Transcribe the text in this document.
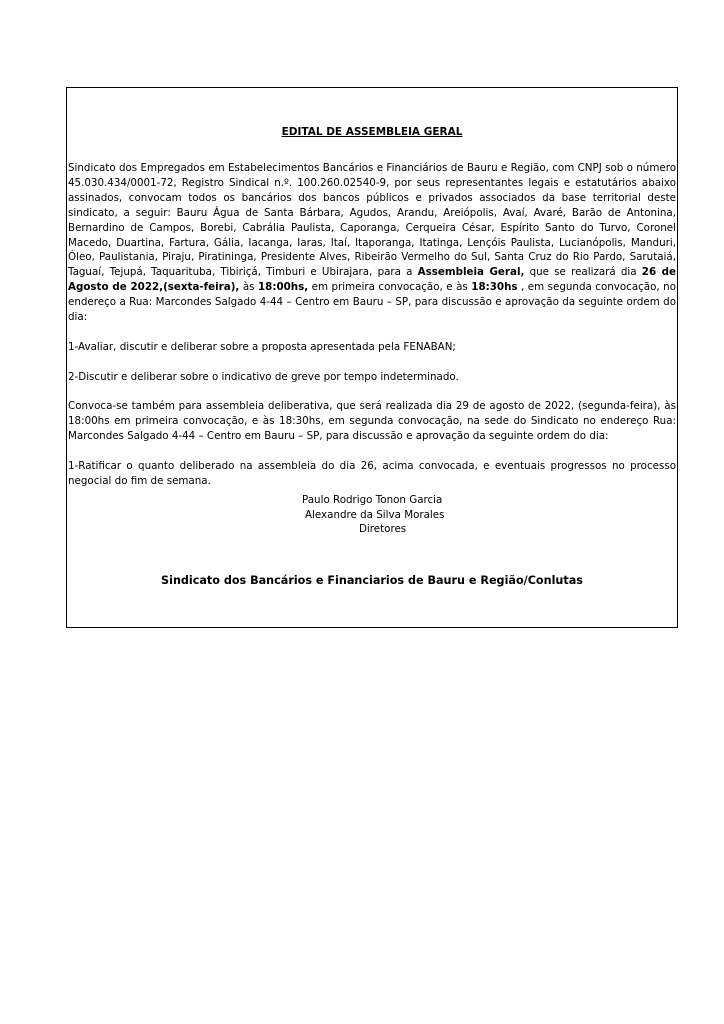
EDITAL DE ASSEMBLEIA GERAL

Sindicato dos Empregados em Estabelecimentos Bancários e Financiários de Bauru e Região, com CNPJ sob o número 45.030.434/0001-72, Registro Sindical n.º. 100.260.02540-9, por seus representantes legais e estatutários abaixo assinados, convocam todos os bancários dos bancos públicos e privados associados da base territorial deste sindicato, a seguir: Bauru Água de Santa Bárbara, Agudos, Arandu, Areiópolis, Avaí, Avaré, Barão de Antonina, Bernardino de Campos, Borebi, Cabrália Paulista, Caporanga, Cerqueira César, Espírito Santo do Turvo, Coronel Macedo, Duartina, Fartura, Gália, Iacanga, Iaras, Itaí, Itaporanga, Itatinga, Lençóis Paulista, Lucianópolis, Manduri, Óleo, Paulistania, Piraju, Piratininga, Presidente Alves, Ribeirão Vermelho do Sul, Santa Cruz do Rio Pardo, Sarutaiá, Taguaí, Tejupá, Taquarituba, Tibiriçá, Timburi e Ubirajara, para a Assembleia Geral, que se realizará dia 26 de Agosto de 2022,(sexta-feira), às 18:00hs, em primeira convocação, e às 18:30hs , em segunda convocação, no endereço a Rua: Marcondes Salgado 4-44 – Centro em Bauru – SP, para discussão e aprovação da seguinte ordem do dia:

1-Avaliar, discutir e deliberar sobre a proposta apresentada pela FENABAN;

2-Discutir e deliberar sobre o indicativo de greve por tempo indeterminado.

Convoca-se também para assembleia deliberativa, que será realizada dia 29 de agosto de 2022, (segunda-feira), às 18:00hs em primeira convocação, e às 18:30hs, em segunda convocação, na sede do Sindicato no endereço Rua: Marcondes Salgado 4-44 – Centro em Bauru – SP, para discussão e aprovação da seguinte ordem do dia:

1-Ratificar o quanto deliberado na assembleia do dia 26, acima convocada, e eventuais progressos no processo negocial do fim de semana.

Paulo Rodrigo Tonon Garcia
Alexandre da Silva Morales
Diretores
Sindicato dos Bancários e Financiarios de Bauru e Região/Conlutas
